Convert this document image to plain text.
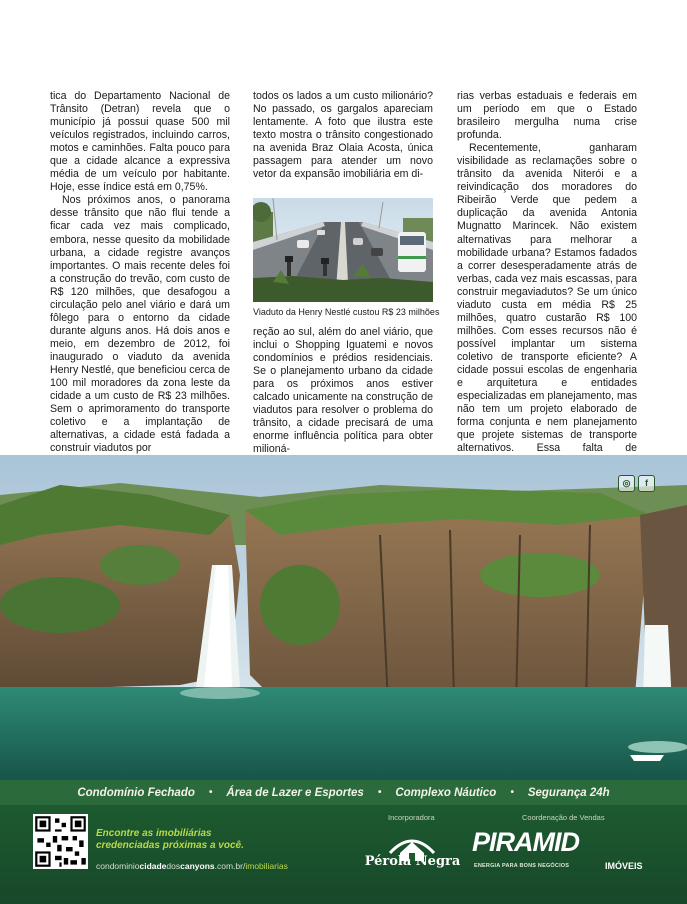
tica do Departamento Nacional de Trânsito (Detran) revela que o município já possui quase 500 mil veículos registrados, incluindo carros, motos e caminhões. Falta pouco para que a cidade alcance a expressiva média de um veículo por habitante. Hoje, esse índice está em 0,75%.

Nos próximos anos, o panorama desse trânsito que não flui tende a ficar cada vez mais complicado, embora, nesse quesito da mobilidade urbana, a cidade registre avanços importantes. O mais recente deles foi a construção do trevão, com custo de R$ 120 milhões, que desafogou a circulação pelo anel viário e dará um fôlego para o entorno da cidade durante alguns anos. Há dois anos e meio, em dezembro de 2012, foi inaugurado o viaduto da avenida Henry Nestlé, que beneficiou cerca de 100 mil moradores da zona leste da cidade a um custo de R$ 23 milhões. Sem o aprimoramento do transporte coletivo e a implantação de alternativas, a cidade está fadada a construir viadutos por

todos os lados a um custo milionário? No passado, os gargalos apareciam lentamente. A foto que ilustra este texto mostra o trânsito congestionado na avenida Braz Olaia Acosta, única passagem para atender um novo vetor da expansão imobiliária em di-

Viaduto da Henry Nestlé custou R$ 23 milhões

reção ao sul, além do anel viário, que inclui o Shopping Iguatemi e novos condomínios e prédios residenciais. Se o planejamento urbano da cidade para os próximos anos estiver calcado unicamente na construção de viadutos para resolver o problema do trânsito, a cidade precisará de uma enorme influência política para obter milioná-

rias verbas estaduais e federais em um período em que o Estado brasileiro mergulha numa crise profunda.

Recentemente, ganharam visibilidade as reclamações sobre o trânsito da avenida Niterói e a reivindicação dos moradores do Ribeirão Verde que pedem a duplicação da avenida Antonia Mugnatto Marincek. Não existem alternativas para melhorar a mobilidade urbana? Estamos fadados a correr desesperadamente atrás de verbas, cada vez mais escassas, para construir megaviadutos? Se um único viaduto custa em média R$ 25 milhões, quatro custarão R$ 100 milhões. Com esses recursos não é possível implantar um sistema coletivo de transporte eficiente? A cidade possui escolas de engenharia e arquitetura e entidades especializadas em planejamento, mas não tem um projeto elaborado de forma conjunta e nem planejamento que projete sistemas de transporte alternativos. Essa falta de

◎	f
Condomínio Fechado • Área de Lazer e Esportes • Complexo Náutico • Segurança 24h
Encontre as imobiliárias
credenciadas próximas a você.
condominiocidadedoscanyons.com.br/imobiliarias
Incorporadora
Pérola Negra
Coordenação de Vendas
PIRAMID
ENERGIA PARA BONS NEGÓCIOS	IMÓVEIS
